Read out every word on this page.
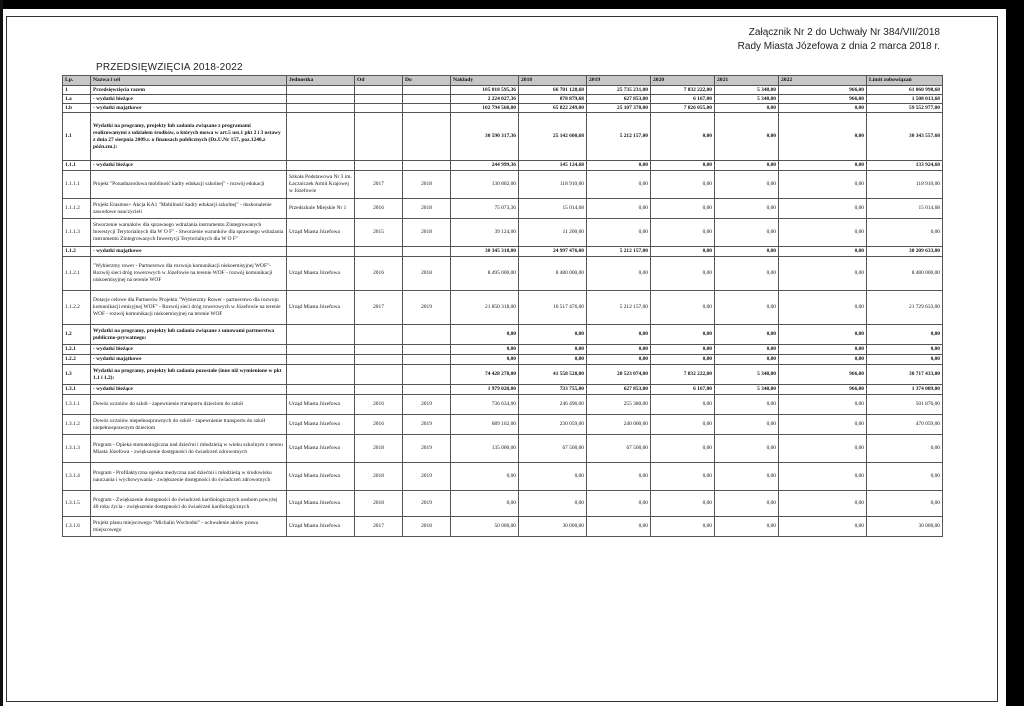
Załącznik Nr 2 do Uchwały Nr 384/VII/2018
Rady Miasta Józefowa z dnia 2 marca 2018 r.
PRZEDSIĘWZIĘCIA 2018-2022
Lp.	Nazwa i cel	Jednostka	Od	Do	Nakłady	2018	2019	2020	2021	2022	Limit zobowiązań
1	Przedsięwzięcia razem				105 018 595,36	66 701 128,68	25 735 231,00	7 832 222,00	5 348,00	966,00	61 060 990,68
1.a	- wydatki bieżące				2 224 027,36	878 879,68	627 853,00	6 167,00	5 348,00	966,00	1 508 013,68
1.b	- wydatki majątkowe				102 794 568,00	65 822 249,00	25 107 378,00	7 826 055,00	0,00	0,00	59 552 977,00
1.1	Wydatki na programy, projekty lub zadania związane z programami realizowanymi z udziałem środków, o których mowa w art.5 ust.1 pkt 2 i 3 ustawy z dnia 27 sierpnia 2009.r. o finansach publicznych (Dz.U.Nr 157, poz.1240,z późn.zm.):				30 590 317,36	25 142 600,68	5 212 157,00	0,00	0,00	0,00	30 343 557,68
1.1.1	- wydatki bieżące				244 999,36	145 124,68	0,00	0,00	0,00	0,00	133 924,68
1.1.1.1	Projekt "Ponadnarodowa mobilność kadry edukacji szkolnej" - rozwój edukacji	Szkoła Podstawowa Nr 3 im. Łaczniczek Armii Krajowej w Józefowie	2017	2018	130 802,00	118 910,00	0,00	0,00	0,00	0,00	118 910,00
1.1.1.2	Projekt Erasmus+ Akcja KA1 "Mobilność kadry edukacji szkolnej" - doskonalenie zawodowe nauczycieli	Przedszkole Miejskie Nr 1	2016	2018	75 073,36	15 014,68	0,00	0,00	0,00	0,00	15 014,68
1.1.1.3	Stworzenie warunków dla sprawnego wdrażania instrumentu Zintegrowanych Inwestycji Terytorialnych dla W O F" - Stworzenie warunków dla sprawnego wdrażania instrumentu Zintegrowanych Inwestycji Terytorialnych dla W O F"	Urząd Miasta Józefowa	2015	2018	39 124,00	11 200,00	0,00	0,00	0,00	0,00	0,00
1.1.2	- wydatki majątkowe				30 345 318,00	24 997 476,00	5 212 157,00	0,00	0,00	0,00	30 209 633,00
1.1.2.1	"Wybierzmy rower - Partnerstwo dla rozwoju komunikacji niskoemisyjnej WOF"- Rozwój sieci dróg rowerowych w Józefowie na terenie WOF - rozwój komunikacji niskoemisyjnej na terenie WOF	Urząd Miasta Józefowa	2016	2018	8 495 000,00	8 480 000,00	0,00	0,00	0,00	0,00	8 480 000,00
1.1.2.2	Dotacje celowe dla Partnerów Projektu "Wybierzmy Rower - partnerstwo dla rozwoju komunikacji emisyjnej WOF" - Rozwój sieci dróg rowerowych w Józefowie na terenie WOF - rozwój komunikacji niskoemisyjnej na terenie WOF	Urząd Miasta Józefowa	2017	2019	21 850 318,00	16 517 476,00	5 212 157,00	0,00	0,00	0,00	21 729 633,00
1.2	Wydatki na programy, projekty lub zadania związane z umowami partnerstwa publiczno-prywatnego:				0,00	0,00	0,00	0,00	0,00	0,00	0,00
1.2.1	- wydatki bieżące				0,00	0,00	0,00	0,00	0,00	0,00	0,00
1.2.2	- wydatki majątkowe				0,00	0,00	0,00	0,00	0,00	0,00	0,00
1.3	Wydatki na programy, projekty lub zadania pozostałe (inne niż wymienione w pkt 1.1 i 1.2):				74 428 278,00	41 558 528,00	20 523 074,00	7 832 222,00	5 348,00	966,00	30 717 433,00
1.3.1	- wydatki bieżące				1 979 028,00	733 755,00	627 853,00	6 167,00	5 348,00	966,00	1 374 089,00
1.3.1.1	Dowóz uczniów do szkół - zapewnienie transportu dzieciom do szkół	Urząd Miasta Józefowa	2016	2019	736 634,00	246 496,00	255 380,00	0,00	0,00	0,00	501 876,00
1.3.1.2	Dowóz uczniów niepełnosprawnych do szkół - zapewnienie transportu do szkół niepełnosprawnym dzieciom	Urząd Miasta Józefowa	2016	2019	689 162,00	230 059,00	240 000,00	0,00	0,00	0,00	470 059,00
1.3.1.3	Program - Opieka stomatologiczna nad dziećmi i młodzieżą w wieku szkolnym z terenu Miasta Józefowa - zwiększenie dostępności do świadczeń zdrowotnych	Urząd Miasta Józefowa	2018	2019	135 000,00	67 500,00	67 500,00	0,00	0,00	0,00	0,00
1.3.1.4	Program - Profilaktyczna opieka medyczna nad dziećmi i młodzieżą w środowisku nauczania i wychowywania - zwiększenie dostępności do świadczeń zdrowotnych	Urząd Miasta Józefowa	2018	2019	0,00	0,00	0,00	0,00	0,00	0,00	0,00
1.3.1.5	Program - Zwiększenie dostępności do świadczeń kardiologicznych osobom powyżej 40 roku życia - zwiększenie dostępności do świadczeń kardiologicznych	Urząd Miasta Józefowa	2018	2019	0,00	0,00	0,00	0,00	0,00	0,00	0,00
1.3.1.6	Projekt planu miejscowego "Michalin Wschodni" - uchwalenie aktów prawa miejscowego	Urząd Miasta Józefowa	2017	2018	50 000,00	30 000,00	0,00	0,00	0,00	0,00	30 000,00
